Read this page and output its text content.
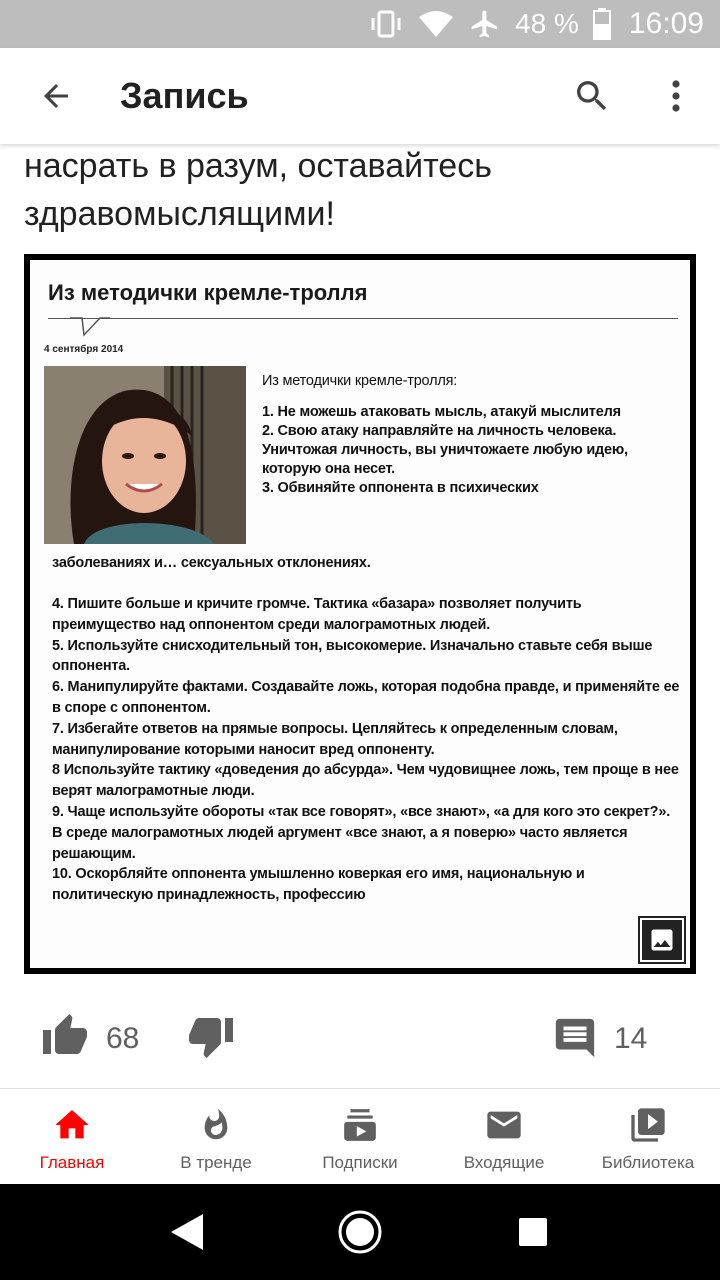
48 % 16:09
Запись
насрать в разум, оставайтесь
здравомыслящими!
Из методички кремле-тролля
4 сентября 2014
Из методички кремле-тролля:
1. Не можешь атаковать мысль, атакуй мыслителя
2. Свою атаку направляйте на личность человека. Уничтожая личность, вы уничтожаете любую идею, которую она несет.
3. Обвиняйте оппонента в психических
заболеваниях и… сексуальных отклонениях.
4. Пишите больше и кричите громче. Тактика «базара» позволяет получить преимущество над оппонентом среди малограмотных людей.
5. Используйте снисходительный тон, высокомерие. Изначально ставьте себя выше оппонента.
6. Манипулируйте фактами. Создавайте ложь, которая подобна правде, и применяйте ее в споре с оппонентом.
7. Избегайте ответов на прямые вопросы. Цепляйтесь к определенным словам, манипулирование которыми наносит вред оппоненту.
8 Используйте тактику «доведения до абсурда». Чем чудовищнее ложь, тем проще в нее верят малограмотные люди.
9. Чаще используйте обороты «так все говорят», «все знают», «а для кого это секрет?». В среде малограмотных людей аргумент «все знают, а я поверю» часто является решающим.
10. Оскорбляйте оппонента умышленно коверкая его имя, национальную и политическую принадлежность, профессию
68	14
Главная	В тренде	Подписки	Входящие	Библиотека
